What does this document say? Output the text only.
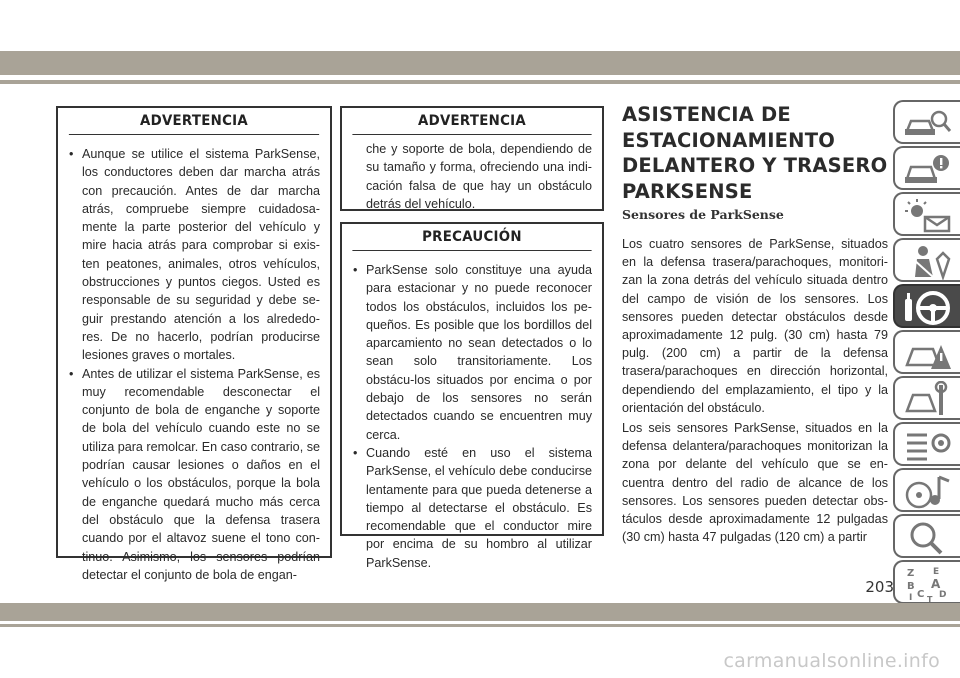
ADVERTENCIA
• Aunque se utilice el sistema ParkSense, los conductores deben dar marcha atrás con precaución. Antes de dar marcha atrás, compruebe siempre cuidadosa-mente la parte posterior del vehículo y mire hacia atrás para comprobar si exis-ten peatones, animales, otros vehículos, obstrucciones y puntos ciegos. Usted es responsable de su seguridad y debe se-guir prestando atención a los alrededo-res. De no hacerlo, podrían producirse lesiones graves o mortales.
• Antes de utilizar el sistema ParkSense, es muy recomendable desconectar el conjunto de bola de enganche y soporte de bola del vehículo cuando este no se utiliza para remolcar. En caso contrario, se podrían causar lesiones o daños en el vehículo o los obstáculos, porque la bola de enganche quedará mucho más cerca del obstáculo que la defensa trasera cuando por el altavoz suene el tono con-tinuo. Asimismo, los sensores podrían detectar el conjunto de bola de engan-
ADVERTENCIA
che y soporte de bola, dependiendo de su tamaño y forma, ofreciendo una indi-cación falsa de que hay un obstáculo detrás del vehículo.
PRECAUCIÓN
• ParkSense solo constituye una ayuda para estacionar y no puede reconocer todos los obstáculos, incluidos los pe-queños. Es posible que los bordillos del aparcamiento no sean detectados o lo sean solo transitoriamente. Los obstácu-los situados por encima o por debajo de los sensores no serán detectados cuando se encuentren muy cerca.
• Cuando esté en uso el sistema ParkSense, el vehículo debe conducirse lentamente para que pueda detenerse a tiempo al detectarse el obstáculo. Es recomendable que el conductor mire por encima de su hombro al utilizar ParkSense.
ASISTENCIA DE ESTACIONAMIENTO DELANTERO Y TRASERO PARKSENSE
Sensores de ParkSense
Los cuatro sensores de ParkSense, situados en la defensa trasera/parachoques, monitori-zan la zona detrás del vehículo situada dentro del campo de visión de los sensores. Los sensores pueden detectar obstáculos desde aproximadamente 12 pulg. (30 cm) hasta 79 pulg. (200 cm) a partir de la defensa trasera/parachoques en dirección horizontal, dependiendo del emplazamiento, el tipo y la orientación del obstáculo.
Los seis sensores ParkSense, situados en la defensa delantera/parachoques monitorizan la zona por delante del vehículo que se en-cuentra dentro del radio de alcance de los sensores. Los sensores pueden detectar obs-táculos desde aproximadamente 12 pulgadas (30 cm) hasta 47 pulgadas (120 cm) a partir
Z E
B A
I C D
T
203
carmanualsonline.info
